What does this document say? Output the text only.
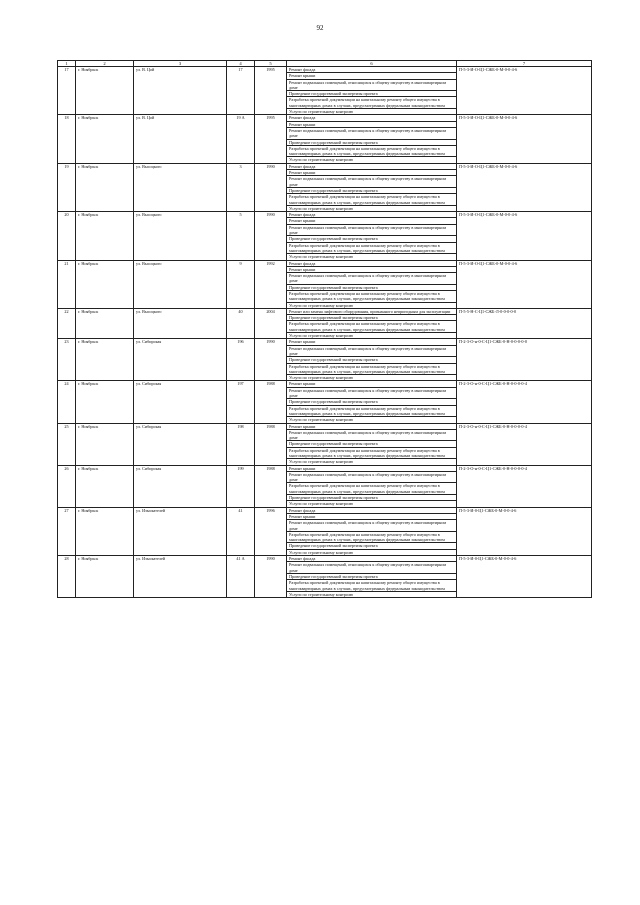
92
1	2	3	4	5	6	7
17	г. Ноябрьск	ул. В. Цой	17	1995	Ремонт фасада	П-5-3-И-О-Ц1-СЖБ-0-М-0-0-4-6
					Ремонт крыши	
					Ремонт подвальных помещений, относящихся к общему имуществу в многоквартирном доме	
					Проведение государственной экспертизы проекта	
					Разработка проектной документации на капитальному ремонту общего имущества в многоквартирных домах в случаях, предусмотренных федеральным законодательством	
					Услуги по строительному контролю	
18	г. Ноябрьск	ул. В. Цой	19 А	1995	Ремонт фасада	П-5-3-И-О-Ц1-СЖБ-0-М-0-0-4-6
					Ремонт крыши	
					Ремонт подвальных помещений, относящихся к общему имуществу в многоквартирном доме	
					Проведение государственной экспертизы проекта	
					Разработка проектной документации на капитальному ремонту общего имущества в многоквартирных домах в случаях, предусмотренных федеральным законодательством	
					Услуги по строительному контролю	
19	г. Ноябрьск	ул. Высоцкого	3	1990	Ремонт фасада	П-5-3-И-О-Ц1-СЖБ-0-М-0-0-4-6
					Ремонт крыши	
					Ремонт подвальных помещений, относящихся к общему имуществу в многоквартирном доме	
					Проведение государственной экспертизы проекта	
					Разработка проектной документации на капитальному ремонту общего имущества в многоквартирных домах в случаях, предусмотренных федеральным законодательством	
					Услуги по строительному контролю	
20	г. Ноябрьск	ул. Высоцкого	5	1990	Ремонт фасада	П-5-3-И-О-Ц1-СЖБ-0-М-0-0-4-6
					Ремонт крыши	
					Ремонт подвальных помещений, относящихся к общему имуществу в многоквартирном доме	
					Проведение государственной экспертизы проекта	
					Разработка проектной документации на капитальному ремонту общего имущества в многоквартирных домах в случаях, предусмотренных федеральным законодательством	
					Услуги по строительному контролю	
21	г. Ноябрьск	ул. Высоцкого	9	1992	Ремонт фасада	П-5-3-И-О-Ц1-СЖБ-0-М-0-0-4-6
					Ремонт крыши	
					Ремонт подвальных помещений, относящихся к общему имуществу в многоквартирном доме	
					Проведение государственной экспертизы проекта	
					Разработка проектной документации на капитальному ремонту общего имущества в многоквартирных домах в случаях, предусмотренных федеральным законодательством	
					Услуги по строительному контролю	
22	г. Ноябрьск	ул. Высоцкого	40	2004	Ремонт или замена лифтового оборудования, признанного непригодным для эксплуатации	П-5-5-Н-С-Ц1-СЖБ-Л-0-0-0-0-0
					Проведение государственной экспертизы проекта	
					Разработка проектной документации на капитальному ремонту общего имущества в многоквартирных домах в случаях, предусмотренных федеральным законодательством	
					Услуги по строительному контролю	
23	г. Ноябрьск	ул. Сибирская	196	1990	Ремонт крыши	П-2-3-О-н-0-С-Ц1-СЖБ-0-Н-0-0-0-0-0
					Ремонт подвальных помещений, относящихся к общему имуществу в многоквартирном доме	
					Проведение государственной экспертизы проекта	
					Разработка проектной документации на капитальному ремонту общего имущества в многоквартирных домах в случаях, предусмотренных федеральным законодательством	
					Услуги по строительному контролю	
24	г. Ноябрьск	ул. Сибирская	197	1988	Ремонт крыши	П-2-3-О-н-0-С-Ц1-СЖБ-0-Н-0-0-0-0-4
					Ремонт подвальных помещений, относящихся к общему имуществу в многоквартирном доме	
					Проведение государственной экспертизы проекта	
					Разработка проектной документации на капитальному ремонту общего имущества в многоквартирных домах в случаях, предусмотренных федеральным законодательством	
					Услуги по строительному контролю	
25	г. Ноябрьск	ул. Сибирская	198	1988	Ремонт крыши	П-2-3-О-н-0-С-Ц1-СЖБ-0-Н-0-0-0-0-4
					Ремонт подвальных помещений, относящихся к общему имуществу в многоквартирном доме	
					Проведение государственной экспертизы проекта	
					Разработка проектной документации на капитальному ремонту общего имущества в многоквартирных домах в случаях, предусмотренных федеральным законодательством	
					Услуги по строительному контролю	
26	г. Ноябрьск	ул. Сибирская	199	1988	Ремонт крыши	П-2-3-О-н-0-С-Ц1-СЖБ-0-Н-0-0-0-0-4
					Ремонт подвальных помещений, относящихся к общему имуществу в многоквартирном доме	
					Разработка проектной документации на капитальному ремонту общего имущества в многоквартирных домах в случаях, предусмотренных федеральным законодательством	
					Проведение государственной экспертизы проекта	
					Услуги по строительному контролю	
27	г. Ноябрьск	ул. Изыскателей	41	1996	Ремонт фасада	П-5-3-И-0-Ц1-СЖБ-0-М-0-0-4-6
					Ремонт крыши	
					Ремонт подвальных помещений, относящихся к общему имуществу в многоквартирном доме	
					Разработка проектной документации на капитальному ремонту общего имущества в многоквартирных домах в случаях, предусмотренных федеральным законодательством	
					Проведение государственной экспертизы проекта	
					Услуги по строительному контролю	
28	г. Ноябрьск	ул. Изыскателей	41 А	1990	Ремонт фасада	П-5-3-И-0-Ц1-СЖБ-0-М-0-0-4-6
					Ремонт подвальных помещений, относящихся к общему имуществу в многоквартирном доме	
					Проведение государственной экспертизы проекта	
					Разработка проектной документации на капитальному ремонту общего имущества в многоквартирных домах в случаях, предусмотренных федеральным законодательством	
					Услуги по строительному контролю	
